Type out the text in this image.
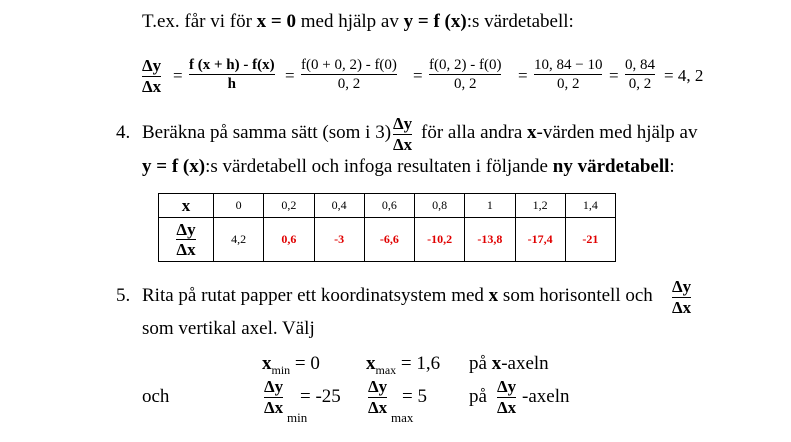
T.ex. får vi för x = 0 med hjälp av y = f (x):s värdetabell:
Δy
Δx
=
f (x + h) - f(x)
h	=
f(0 + 0, 2) - f(0)
0, 2	=
f(0, 2) - f(0)
0, 2 =
10, 84 − 10
0, 2 =
0, 84
0, 2 = 4, 2
4. Beräkna på samma sätt (som i 3) Δy
Δx
för alla andra x-värden med hjälp av
y = f (x):s värdetabell och infoga resultaten i följande ny värdetabell:
x	0	0,2	0,4	0,6	0,8	1	1,2	1,4

$\frac{\Delta y}{\Delta x}$	4,2	0,6	-3	-6,6	-10,2	-13,8	-17,4	-21
5. Rita på rutat papper ett koordinatsystem med x som horisontell och Δy
Δx
som vertikal axel. Välj
$x_{min} = 0$ $x_{max} = 1,6$ på x-axeln
och	Δy
Δx
min
= -25 Δy
Δx
max
= 5 på Δy
Δx
-axeln
